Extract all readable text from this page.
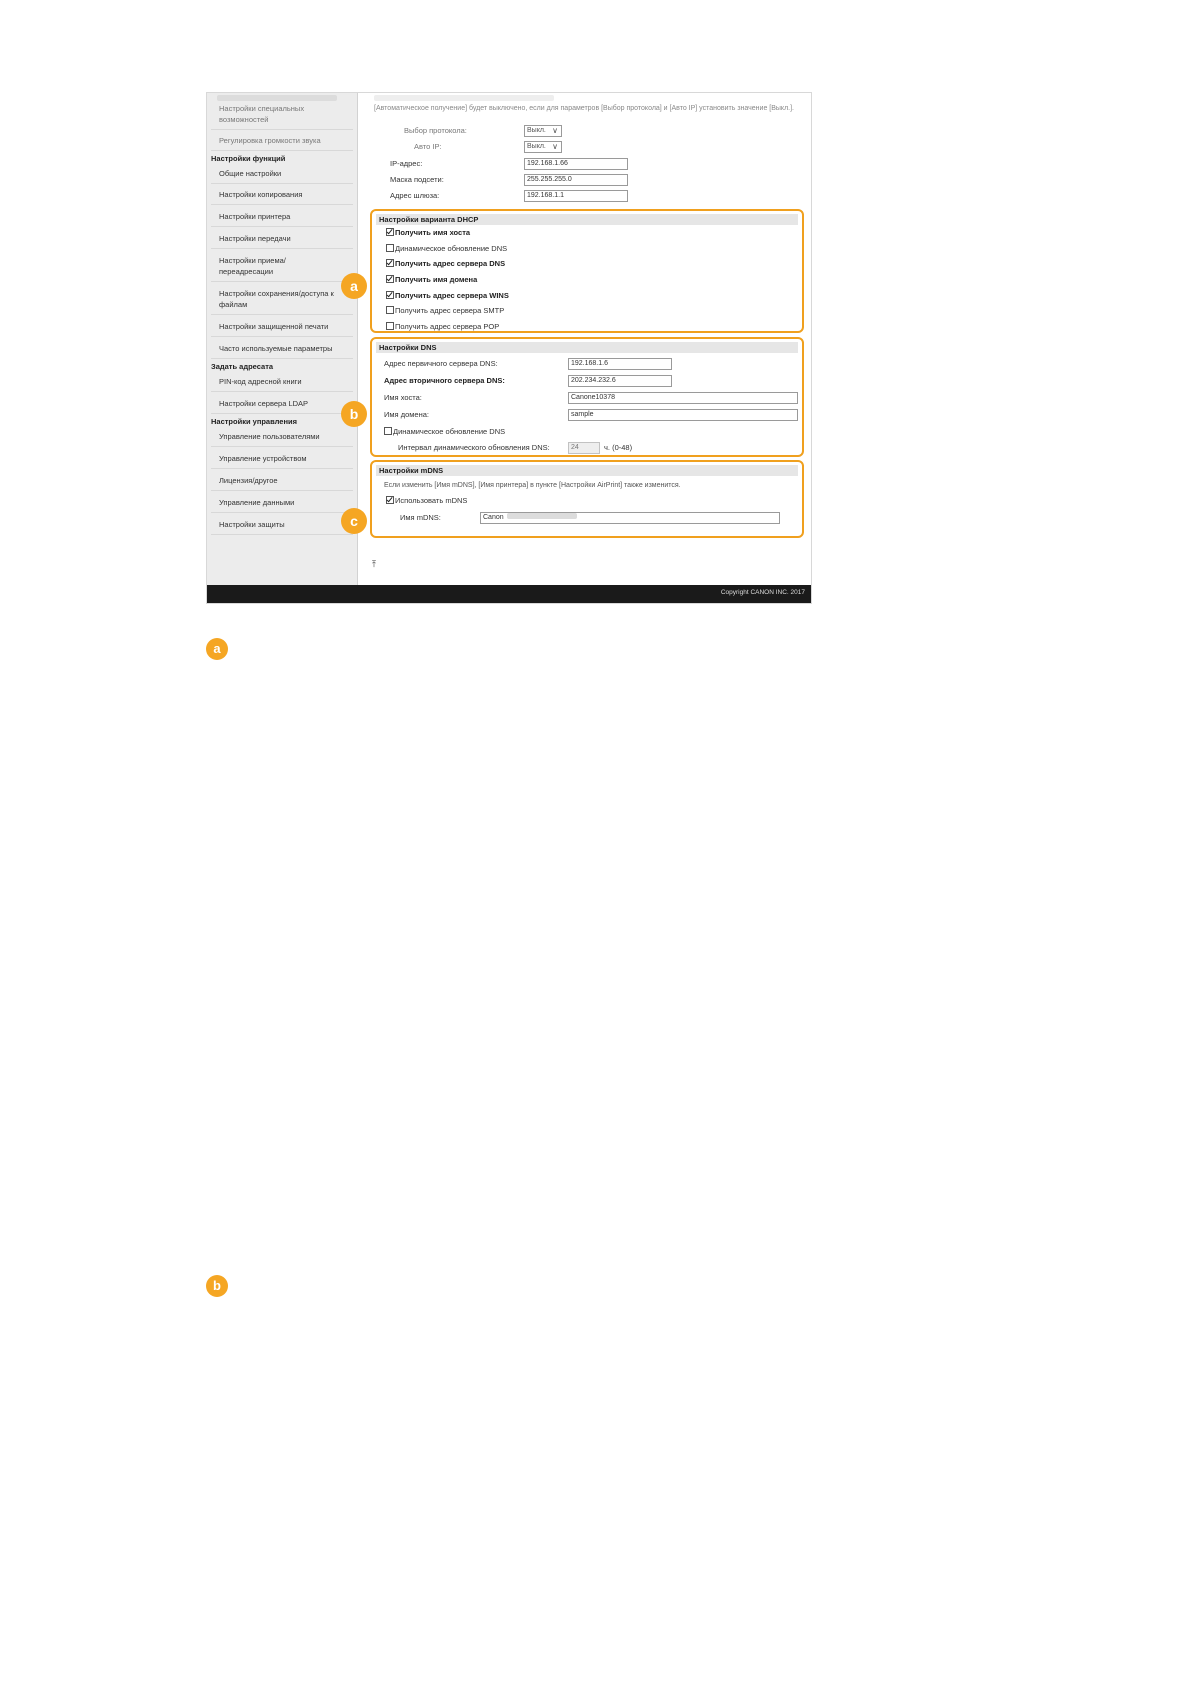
Настройки специальных возможностей
Регулировка громкости звука
Настройки функций
Общие настройки
Настройки копирования
Настройки принтера
Настройки передачи
Настройки приема/переадресации
Настройки сохранения/доступа к файлам
Настройки защищенной печати
Часто используемые параметры
Задать адресата
PIN-код адресной книги
Настройки сервера LDAP
Настройки управления
Управление пользователями
Управление устройством
Лицензия/другое
Управление данными
Настройки защиты
[Автоматическое получение] будет выключено, если для параметров [Выбор протокола] и [Авто IP] установить значение [Выкл.].
Выбор протокола:	Выкл. ∨
Авто IP:	Выкл. ∨
IP-адрес:	192.168.1.66
Маска подсети:	255.255.255.0
Адрес шлюза:	192.168.1.1
Настройки варианта DHCP
Получить имя хоста
Динамическое обновление DNS
Получить адрес сервера DNS
Получить имя домена
Получить адрес сервера WINS
Получить адрес сервера SMTP
Получить адрес сервера POP
Настройки DNS
Адрес первичного сервера DNS:	192.168.1.6
Адрес вторичного сервера DNS:	202.234.232.6
Имя хоста:	Canone10378
Имя домена:	sample
Динамическое обновление DNS
Интервал динамического обновления DNS:	24	ч. (0-48)
Настройки mDNS
Если изменить [Имя mDNS], [Имя принтера] в пункте [Настройки AirPrint] также изменится.
Использовать mDNS
Имя mDNS:	Canon
⤒
Copyright CANON INC. 2017
a
b
c
a
b
